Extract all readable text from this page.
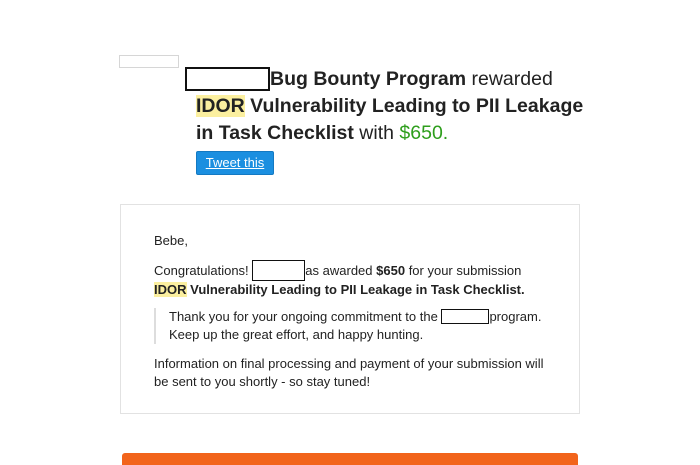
Bug Bounty Program rewarded
IDOR Vulnerability Leading to PII Leakage
in Task Checklist with $650.
Tweet this
Bebe,
Congratulations!	as awarded $650 for your submission
IDOR Vulnerability Leading to PII Leakage in Task Checklist.
Thank you for your ongoing commitment to the	program.
Keep up the great effort, and happy hunting.
Information on final processing and payment of your submission will
be sent to you shortly - so stay tuned!
